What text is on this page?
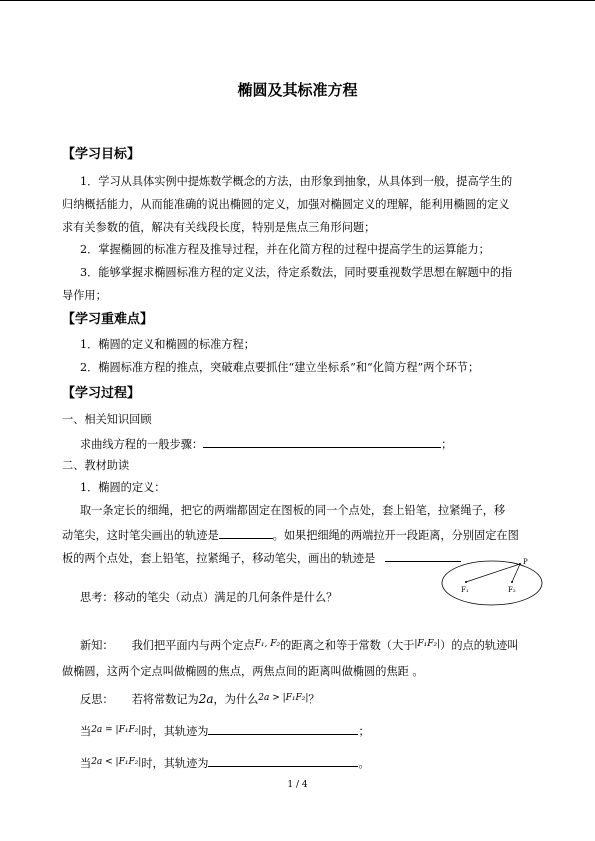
椭圆及其标准方程
【学习目标】
1．学习从具体实例中提炼数学概念的方法，由形象到抽象，从具体到一般，提高学生的
归纳概括能力，从而能准确的说出椭圆的定义，加强对椭圆定义的理解，能利用椭圆的定义
求有关参数的值，解决有关线段长度，特别是焦点三角形问题；
2．掌握椭圆的标准方程及推导过程，并在化简方程的过程中提高学生的运算能力；
3．能够掌握求椭圆标准方程的定义法，待定系数法，同时要重视数学思想在解题中的指
导作用；
【学习重难点】
1．椭圆的定义和椭圆的标准方程；
2．椭圆标准方程的推点，突破难点要抓住“建立坐标系”和“化简方程”两个环节；
【学习过程】
一、相关知识回顾
求曲线方程的一般步骤：	；
二、教材助读
1．椭圆的定义：
取一条定长的细绳，把它的两端都固定在图板的同一个点处，套上铅笔，拉紧绳子，移
动笔尖，这时笔尖画出的轨迹是	。如果把细绳的两端拉开一段距离，分别固定在图
板的两个点处，套上铅笔，拉紧绳子，移动笔尖，画出的轨迹是	P
F₁	F₂
思考：移动的笔尖（动点）满足的几何条件是什么？
新知： 我们把平面内与两个定点$^{F_1, F_2}$的距离之和等于常数（大于$^{|F_1F_2|}$）的点的轨迹叫
做椭圆，这两个定点叫做椭圆的焦点，两焦点间的距离叫做椭圆的焦距 。
反思： 若将常数记为2a，为什么$^{2a > |F_1F_2|}$？
当$^{2a = |F_1F_2|}$时，其轨迹为	；
当$^{2a < |F_1F_2|}$时，其轨迹为	。
1 / 4
